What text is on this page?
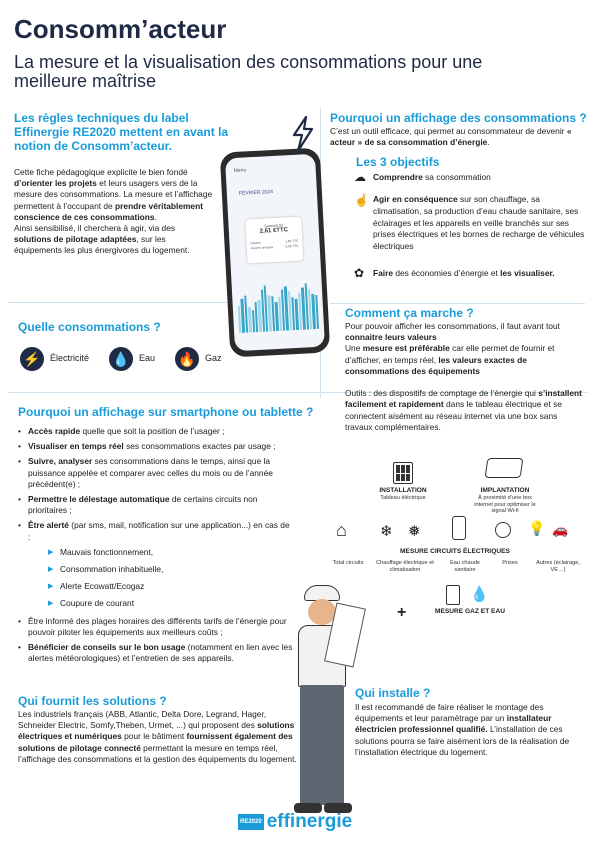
Consomm’acteur
La mesure et la visualisation des consommations pour une meilleure maîtrise
Les règles techniques du label Effinergie RE2020 mettent en avant la notion de Consomm’acteur.
Cette fiche pédagogique explicite le bien fondé d’orienter les projets et leurs usagers vers de la mesure des consommations. La mesure et l’affichage permettent à l’occupant de prendre véritablement conscience de ces consommations.
Ainsi sensibilisé, il cherchera à agir, via des solutions de pilotage adaptées, sur les équipements les plus énergivores du logement.
Menu
FÉVRIER 2024
Samedi 03
2,61 €TTC
Heures	1,68 TTC
Heures creuses	0,93 TTC
Pourquoi un affichage des consommations ?
C’est un outil efficace, qui permet au consommateur de devenir « acteur » de sa consommation d’énergie.
Les 3 objectifs
☁ Comprendre sa consommation
☝ Agir en conséquence sur son chauffage, sa climatisation, sa production d’eau chaude sanitaire, ses éclairages et les appareils en veille branchés sur ses prises électriques et les bornes de recharge de véhicules électriques
✿ Faire des économies d’énergie et les visualiser.
Quelle consommations ?
⚡	Électricité 💧	Eau 🔥	Gaz
Comment ça marche ?
Pour pouvoir afficher les consommations, il faut avant tout connaitre leurs valeurs
Une mesure est préférable car elle permet de fournir et d’afficher, en temps réel, les valeurs exactes de consommations des équipements

Outils : des dispositifs de comptage de l’énergie qui s’installent facilement et rapidement dans le tableau électrique et se connectent aisément au réseau internet via une box sans travaux complémentaires.
INSTALLATION
Tableau éléctrique
IMPLANTATION
À proximité d’une box internet pour optimiser le signal Wi-fi
⌂ ❄ ❅	💡 🚗
MESURE CIRCUITS ÉLECTRIQUES
Total circuits	Chauffage électrique et climatisation
Eau chaude sanitaire
Prises	Autres (éclairage, VE…)
+
💧
MESURE GAZ ET EAU
Pourquoi un affichage sur smartphone ou tablette ?
• Accès rapide quelle que soit la position de l’usager ;
• Visualiser en temps réel ses consommations exactes par usage ;
• Suivre, analyser ses consommations dans le temps, ainsi que la puissance appelée et comparer avec celles du mois ou de l’année précédent(e) ;
• Permettre le délestage automatique de certains circuits non prioritaires ;
• Être alerté (par sms, mail, notification sur une application...) en cas de :
▶ Mauvais fonctionnement,
▶ Consommation inhabituelle,
▶ Alerte Ecowatt/Ecogaz
▶ Coupure de courant
• Être informé des plages horaires des différents tarifs de l’énergie pour pouvoir piloter les équipements aux meilleurs coûts ;
• Bénéficier de conseils sur le bon usage (notamment en lien avec les alertes météorologiques) et l’entretien de ses appareils.
Qui fournit les solutions ?
Les industriels français (ABB, Atlantic, Delta Dore, Legrand, Hager, Schneider Electric, Somfy,Theben, Urmet, ...) qui proposent des solutions électriques et numériques pour le bâtiment fournissent également des solutions de pilotage connecté permettant la mesure en temps réel, l’affichage des consommations et la gestion des équipements du logement.
Qui installe ?
Il est recommandé de faire réaliser le montage des équipements et leur paramètrage par un installateur électricien professionnel qualifié. L’installation de ces solutions pourra se faire aisément lors de la réalisation de l’installation électrique du logement.
RE2020 effinergie
